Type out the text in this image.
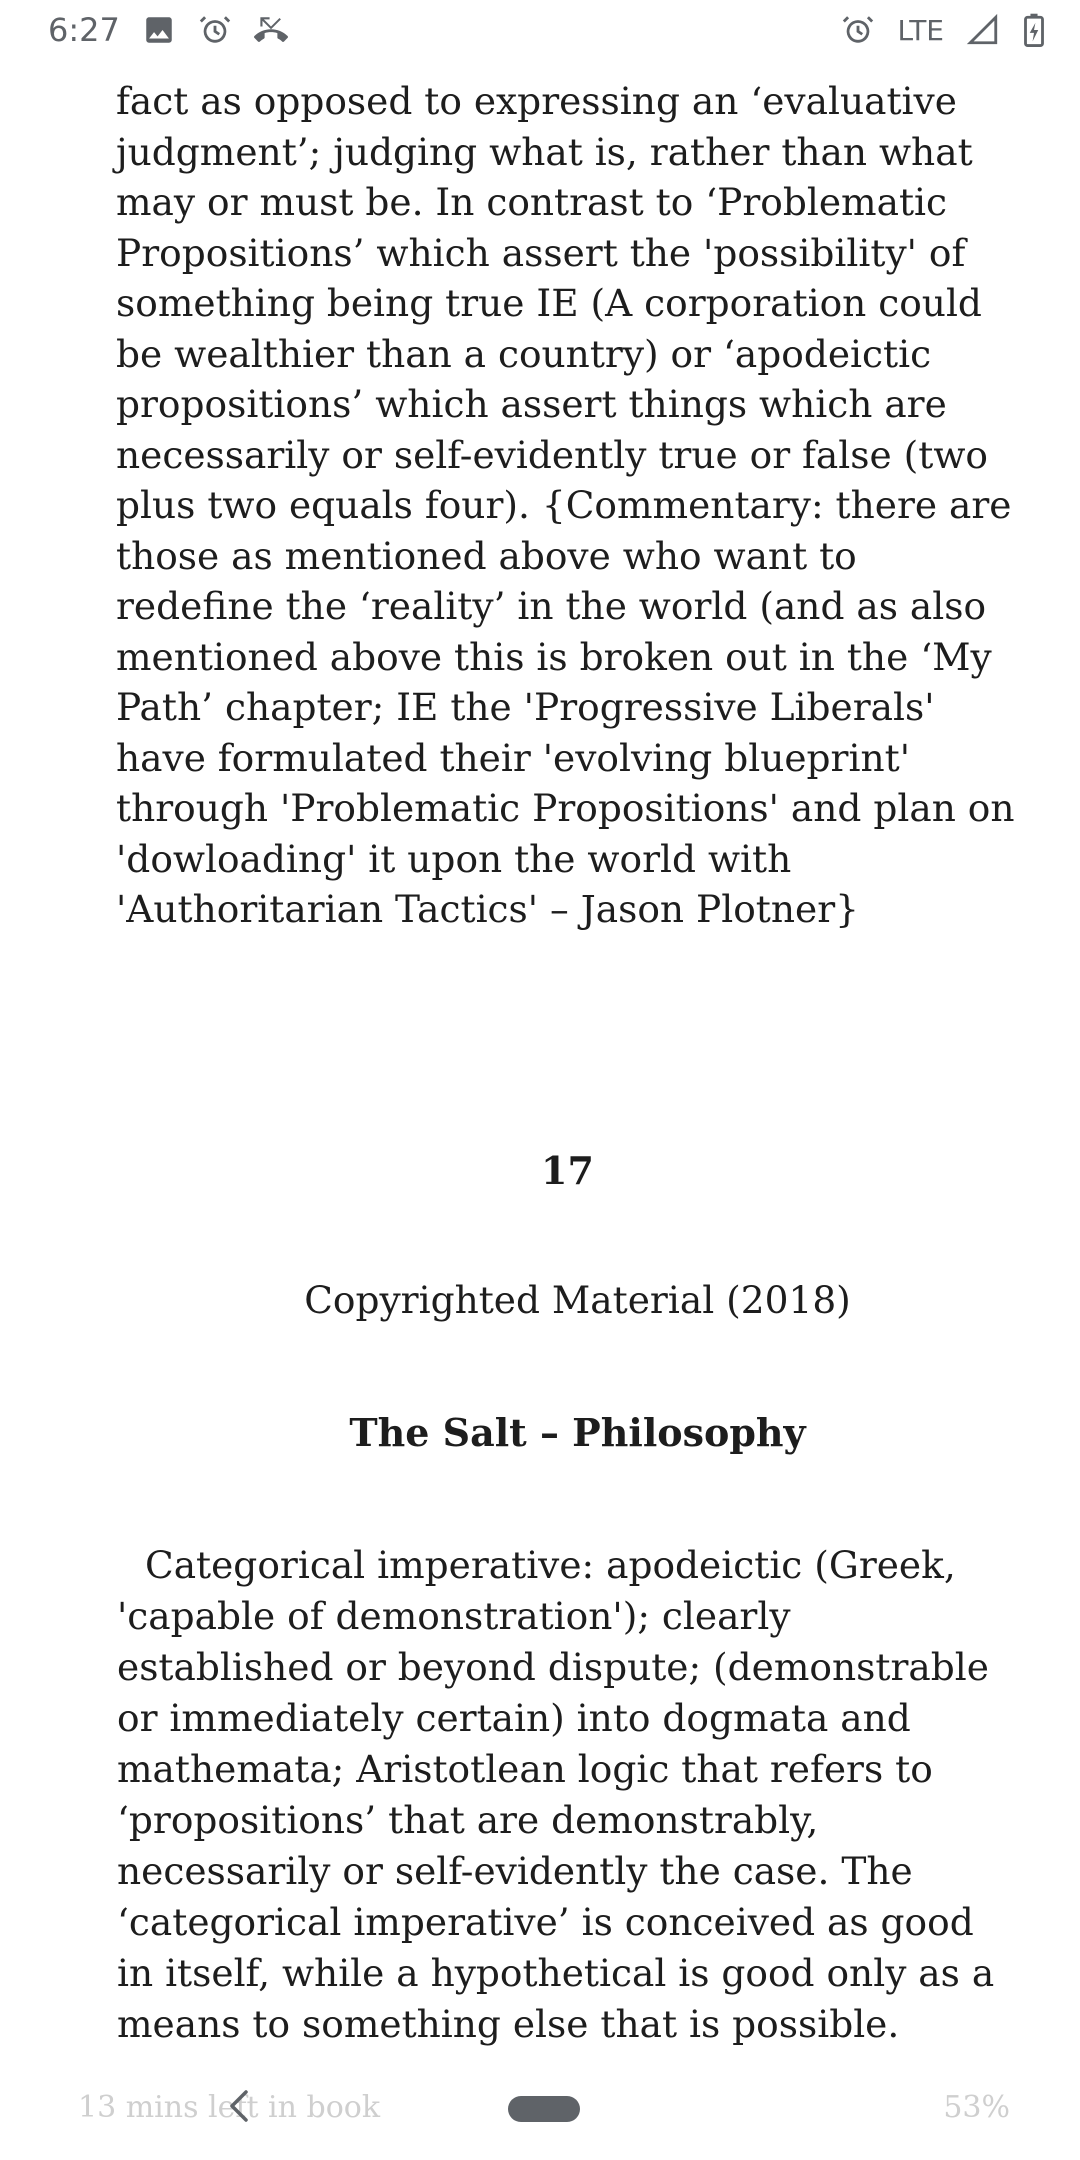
6:27	LTE

fact as opposed to expressing an ‘evaluative judgment’; judging what is, rather than what may or must be. In contrast to ‘Problematic Propositions’ which assert the 'possibility' of something being true IE (A corporation could be wealthier than a country) or ‘apodeictic propositions’ which assert things which are necessarily or self-evidently true or false (two plus two equals four). {Commentary: there are those as mentioned above who want to redefine the ‘reality’ in the world (and as also mentioned above this is broken out in the ‘My Path’ chapter; IE the 'Progressive Liberals' have formulated their 'evolving blueprint' through 'Problematic Propositions' and plan on 'dowloading' it upon the world with 'Authoritarian Tactics' – Jason Plotner}

17
Copyrighted Material (2018)
The Salt – Philosophy

Categorical imperative: apodeictic (Greek, 'capable of demonstration'); clearly established or beyond dispute; (demonstrable or immediately certain) into dogmata and mathemata; Aristotlean logic that refers to ‘propositions’ that are demonstrably, necessarily or self-evidently the case. The ‘categorical imperative’ is conceived as good in itself, while a hypothetical is good only as a means to something else that is possible.

13 mins left in book	53%
